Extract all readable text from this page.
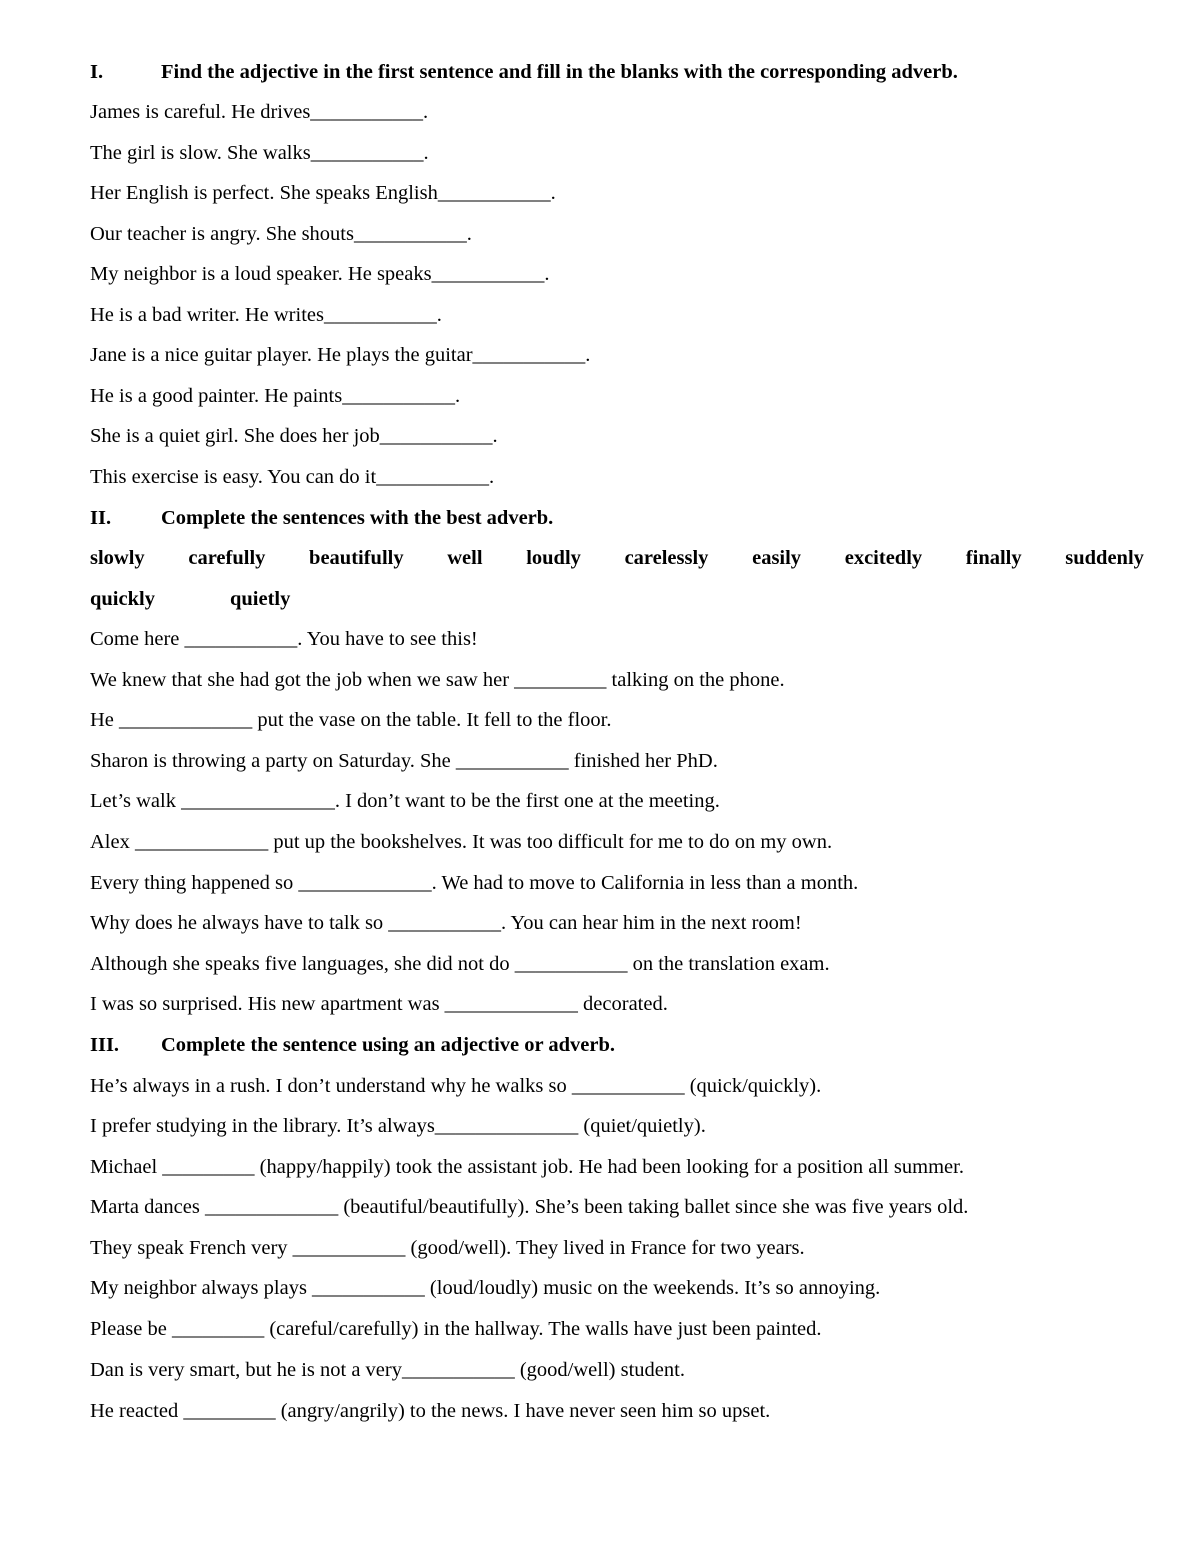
I.	Find the adjective in the first sentence and fill in the blanks with the corresponding adverb.
James is careful. He drives___________.
The girl is slow. She walks___________.
Her English is perfect. She speaks English___________.
Our teacher is angry. She shouts___________.
My neighbor is a loud speaker. He speaks___________.
He is a bad writer. He writes___________.
Jane is a nice guitar player. He plays the guitar___________.
He is a good painter. He paints___________.
She is a quiet girl. She does her job___________.
This exercise is easy. You can do it___________.
II. Complete the sentences with the best adverb.
slowly carefully beautifully well loudly carelessly easily excitedly finally suddenly
quickly	quietly
Come here ___________. You have to see this!
We knew that she had got the job when we saw her _________ talking on the phone.
He _____________ put the vase on the table. It fell to the floor.
Sharon is throwing a party on Saturday. She ___________ finished her PhD.
Let’s walk _______________. I don’t want to be the first one at the meeting.
Alex _____________ put up the bookshelves. It was too difficult for me to do on my own.
Every thing happened so _____________. We had to move to California in less than a month.
Why does he always have to talk so ___________. You can hear him in the next room!
Although she speaks five languages, she did not do ___________ on the translation exam.
I was so surprised. His new apartment was _____________ decorated.
III. Complete the sentence using an adjective or adverb.
He’s always in a rush. I don’t understand why he walks so ___________ (quick/quickly).
I prefer studying in the library. It’s always______________ (quiet/quietly).
Michael _________ (happy/happily) took the assistant job. He had been looking for a position all summer.
Marta dances _____________ (beautiful/beautifully). She’s been taking ballet since she was five years old.
They speak French very ___________ (good/well). They lived in France for two years.
My neighbor always plays ___________ (loud/loudly) music on the weekends. It’s so annoying.
Please be _________ (careful/carefully) in the hallway. The walls have just been painted.
Dan is very smart, but he is not a very___________ (good/well) student.
He reacted _________ (angry/angrily) to the news. I have never seen him so upset.
